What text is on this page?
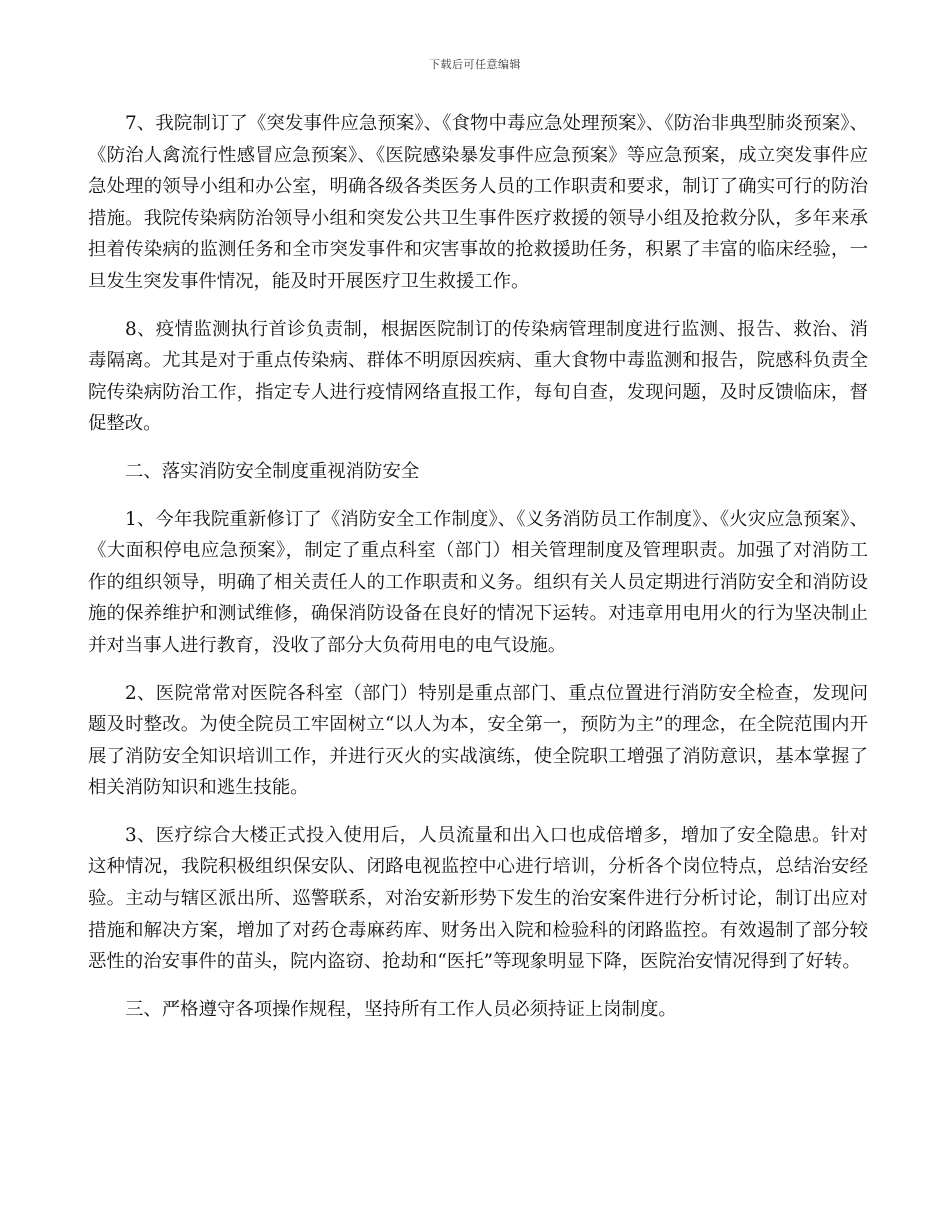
下载后可任意编辑

7、我院制订了《突发事件应急预案》、《食物中毒应急处理预案》、《防治非典型肺炎预案》、《防治人禽流行性感冒应急预案》、《医院感染暴发事件应急预案》等应急预案，成立突发事件应急处理的领导小组和办公室，明确各级各类医务人员的工作职责和要求，制订了确实可行的防治措施。我院传染病防治领导小组和突发公共卫生事件医疗救援的领导小组及抢救分队，多年来承担着传染病的监测任务和全市突发事件和灾害事故的抢救援助任务，积累了丰富的临床经验，一旦发生突发事件情况，能及时开展医疗卫生救援工作。

8、疫情监测执行首诊负责制，根据医院制订的传染病管理制度进行监测、报告、救治、消毒隔离。尤其是对于重点传染病、群体不明原因疾病、重大食物中毒监测和报告，院感科负责全院传染病防治工作，指定专人进行疫情网络直报工作，每旬自查，发现问题，及时反馈临床，督促整改。

二、落实消防安全制度重视消防安全

1、今年我院重新修订了《消防安全工作制度》、《义务消防员工作制度》、《火灾应急预案》、《大面积停电应急预案》，制定了重点科室（部门）相关管理制度及管理职责。加强了对消防工作的组织领导，明确了相关责任人的工作职责和义务。组织有关人员定期进行消防安全和消防设施的保养维护和测试维修，确保消防设备在良好的情况下运转。对违章用电用火的行为坚决制止并对当事人进行教育，没收了部分大负荷用电的电气设施。

2、医院常常对医院各科室（部门）特别是重点部门、重点位置进行消防安全检查，发现问题及时整改。为使全院员工牢固树立“以人为本，安全第一，预防为主”的理念，在全院范围内开展了消防安全知识培训工作，并进行灭火的实战演练，使全院职工增强了消防意识，基本掌握了相关消防知识和逃生技能。

3、医疗综合大楼正式投入使用后，人员流量和出入口也成倍增多，增加了安全隐患。针对这种情况，我院积极组织保安队、闭路电视监控中心进行培训，分析各个岗位特点，总结治安经验。主动与辖区派出所、巡警联系，对治安新形势下发生的治安案件进行分析讨论，制订出应对措施和解决方案，增加了对药仓毒麻药库、财务出入院和检验科的闭路监控。有效遏制了部分较恶性的治安事件的苗头，院内盗窃、抢劫和“医托”等现象明显下降，医院治安情况得到了好转。

三、严格遵守各项操作规程，坚持所有工作人员必须持证上岗制度。
